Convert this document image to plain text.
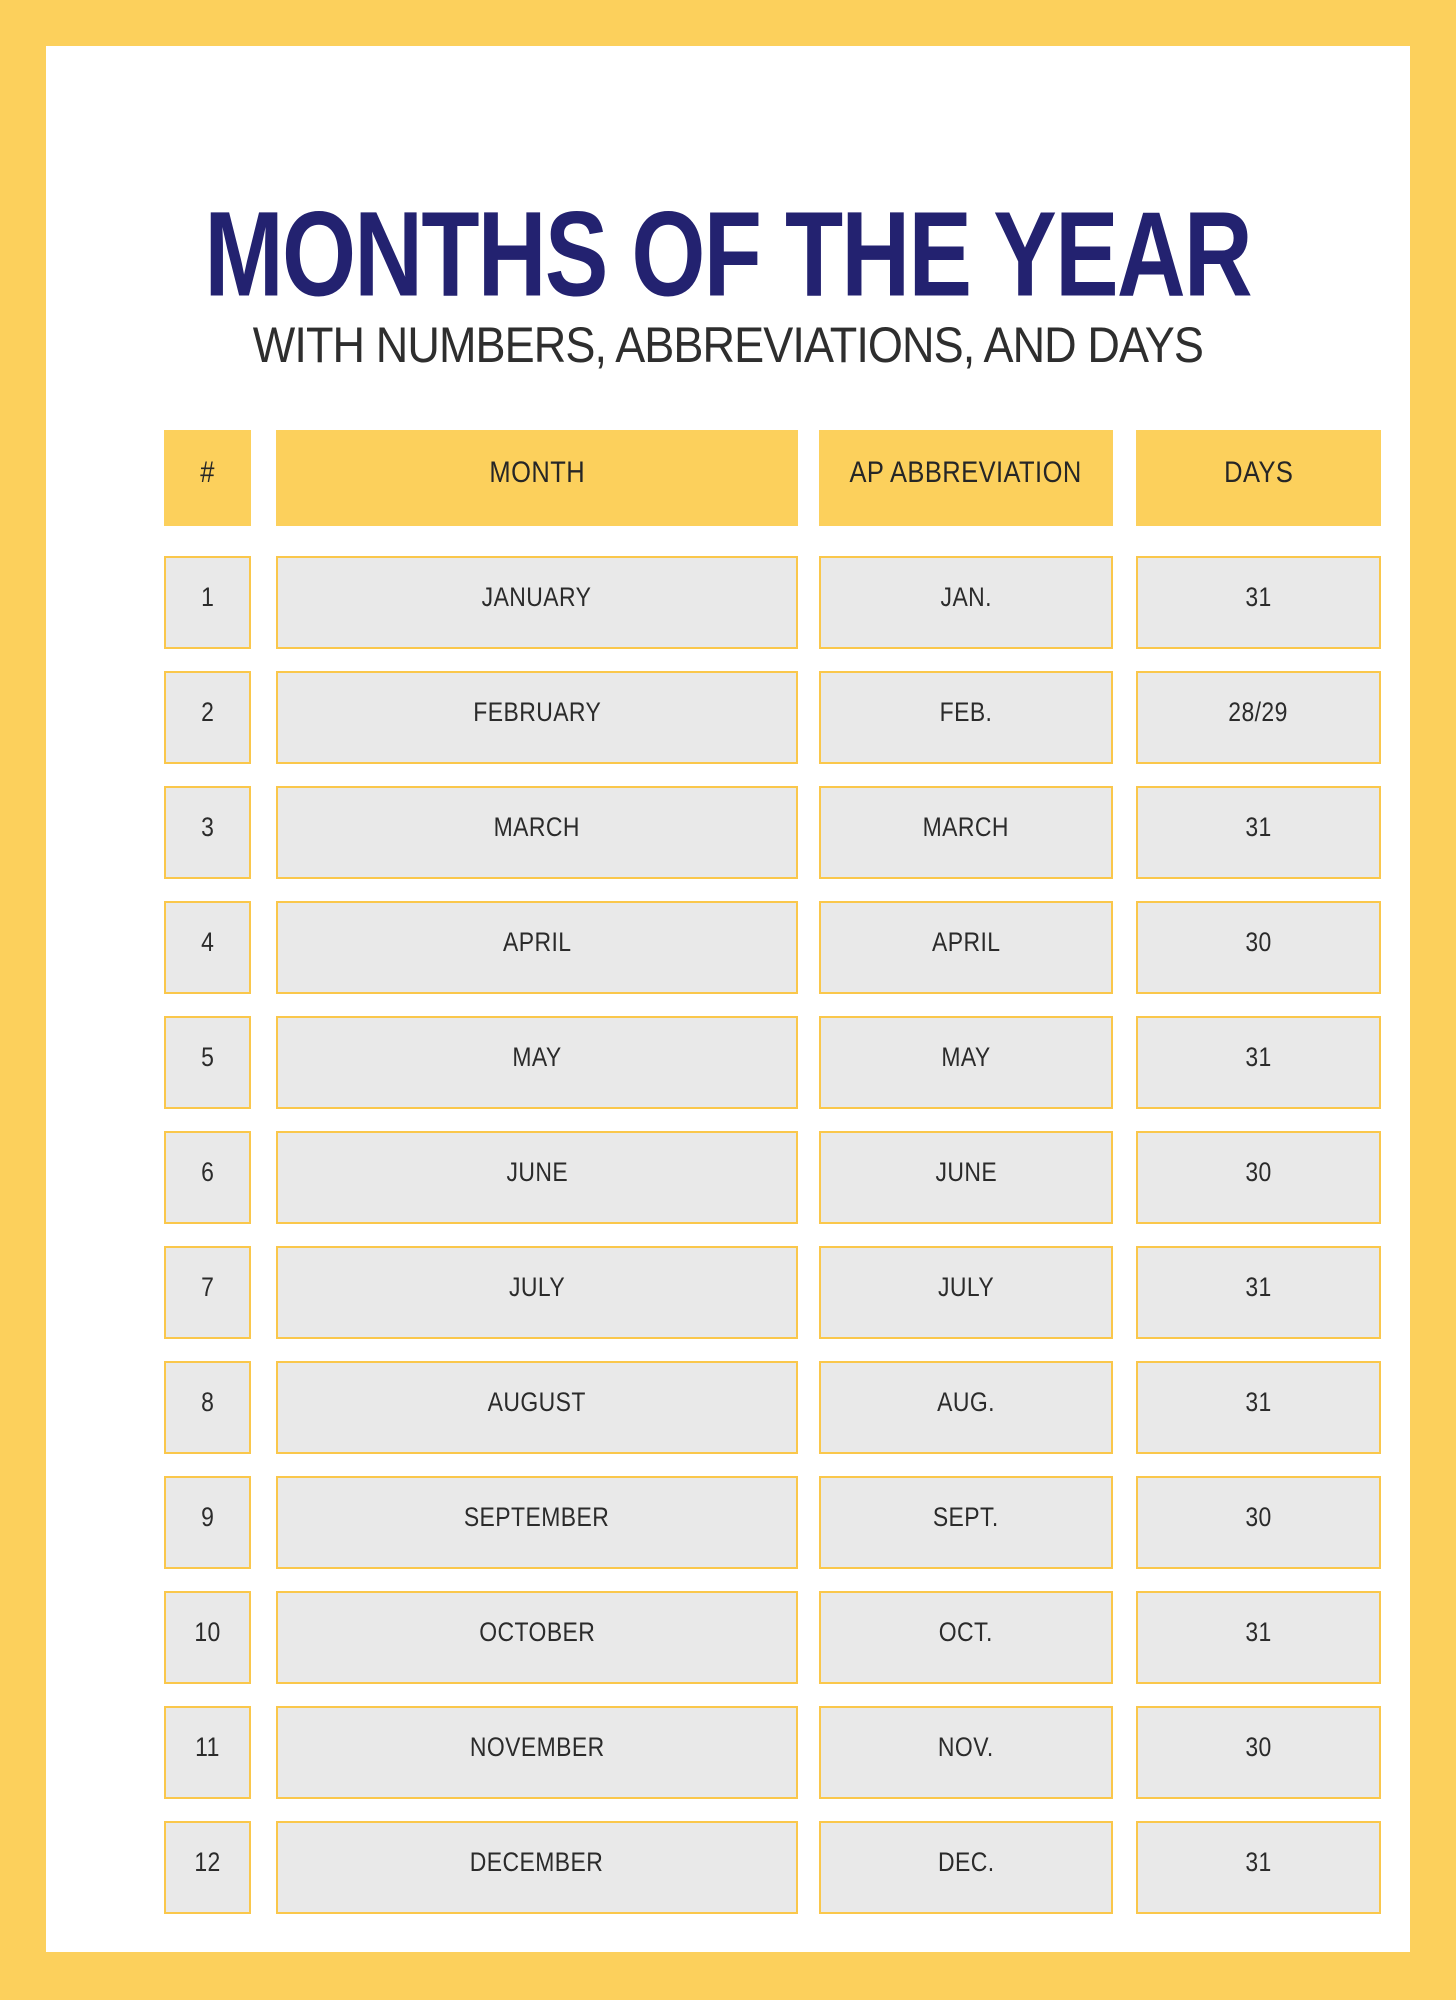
MONTHS OF THE YEAR
WITH NUMBERS, ABBREVIATIONS, AND DAYS
#	MONTH	AP ABBREVIATION	DAYS
1	JANUARY	JAN.	31
2	FEBRUARY	FEB.	28/29
3	MARCH	MARCH	31
4	APRIL	APRIL	30
5	MAY	MAY	31
6	JUNE	JUNE	30
7	JULY	JULY	31
8	AUGUST	AUG.	31
9	SEPTEMBER	SEPT.	30
10	OCTOBER	OCT.	31
11	NOVEMBER	NOV.	30
12	DECEMBER	DEC.	31
